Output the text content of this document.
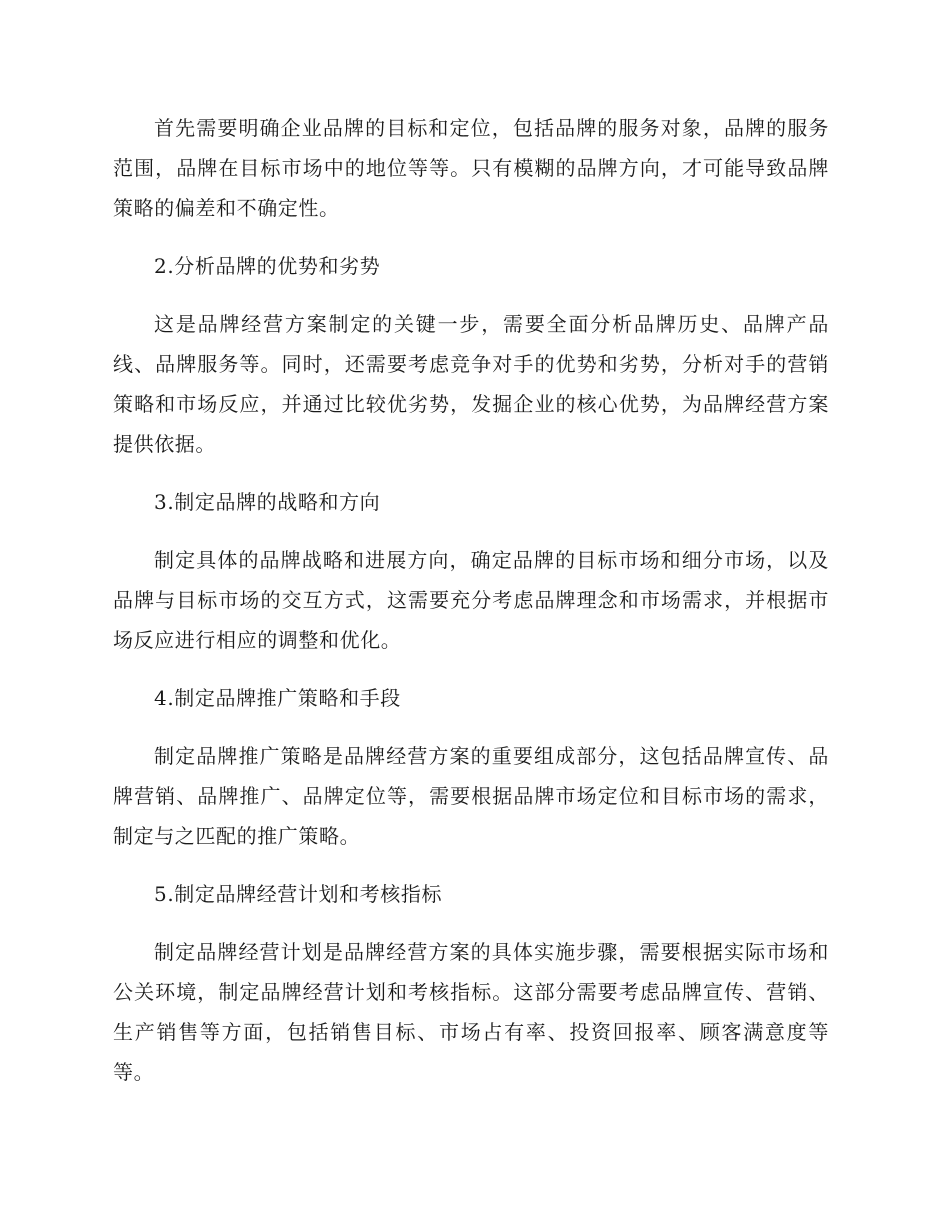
首先需要明确企业品牌的目标和定位，包括品牌的服务对象，品牌的服务范围，品牌在目标市场中的地位等等。只有模糊的品牌方向，才可能导致品牌策略的偏差和不确定性。

2.分析品牌的优势和劣势

这是品牌经营方案制定的关键一步，需要全面分析品牌历史、品牌产品线、品牌服务等。同时，还需要考虑竞争对手的优势和劣势，分析对手的营销策略和市场反应，并通过比较优劣势，发掘企业的核心优势，为品牌经营方案提供依据。

3.制定品牌的战略和方向

制定具体的品牌战略和进展方向，确定品牌的目标市场和细分市场，以及品牌与目标市场的交互方式，这需要充分考虑品牌理念和市场需求，并根据市场反应进行相应的调整和优化。

4.制定品牌推广策略和手段

制定品牌推广策略是品牌经营方案的重要组成部分，这包括品牌宣传、品牌营销、品牌推广、品牌定位等，需要根据品牌市场定位和目标市场的需求，制定与之匹配的推广策略。

5.制定品牌经营计划和考核指标

制定品牌经营计划是品牌经营方案的具体实施步骤，需要根据实际市场和公关环境，制定品牌经营计划和考核指标。这部分需要考虑品牌宣传、营销、生产销售等方面，包括销售目标、市场占有率、投资回报率、顾客满意度等等。
